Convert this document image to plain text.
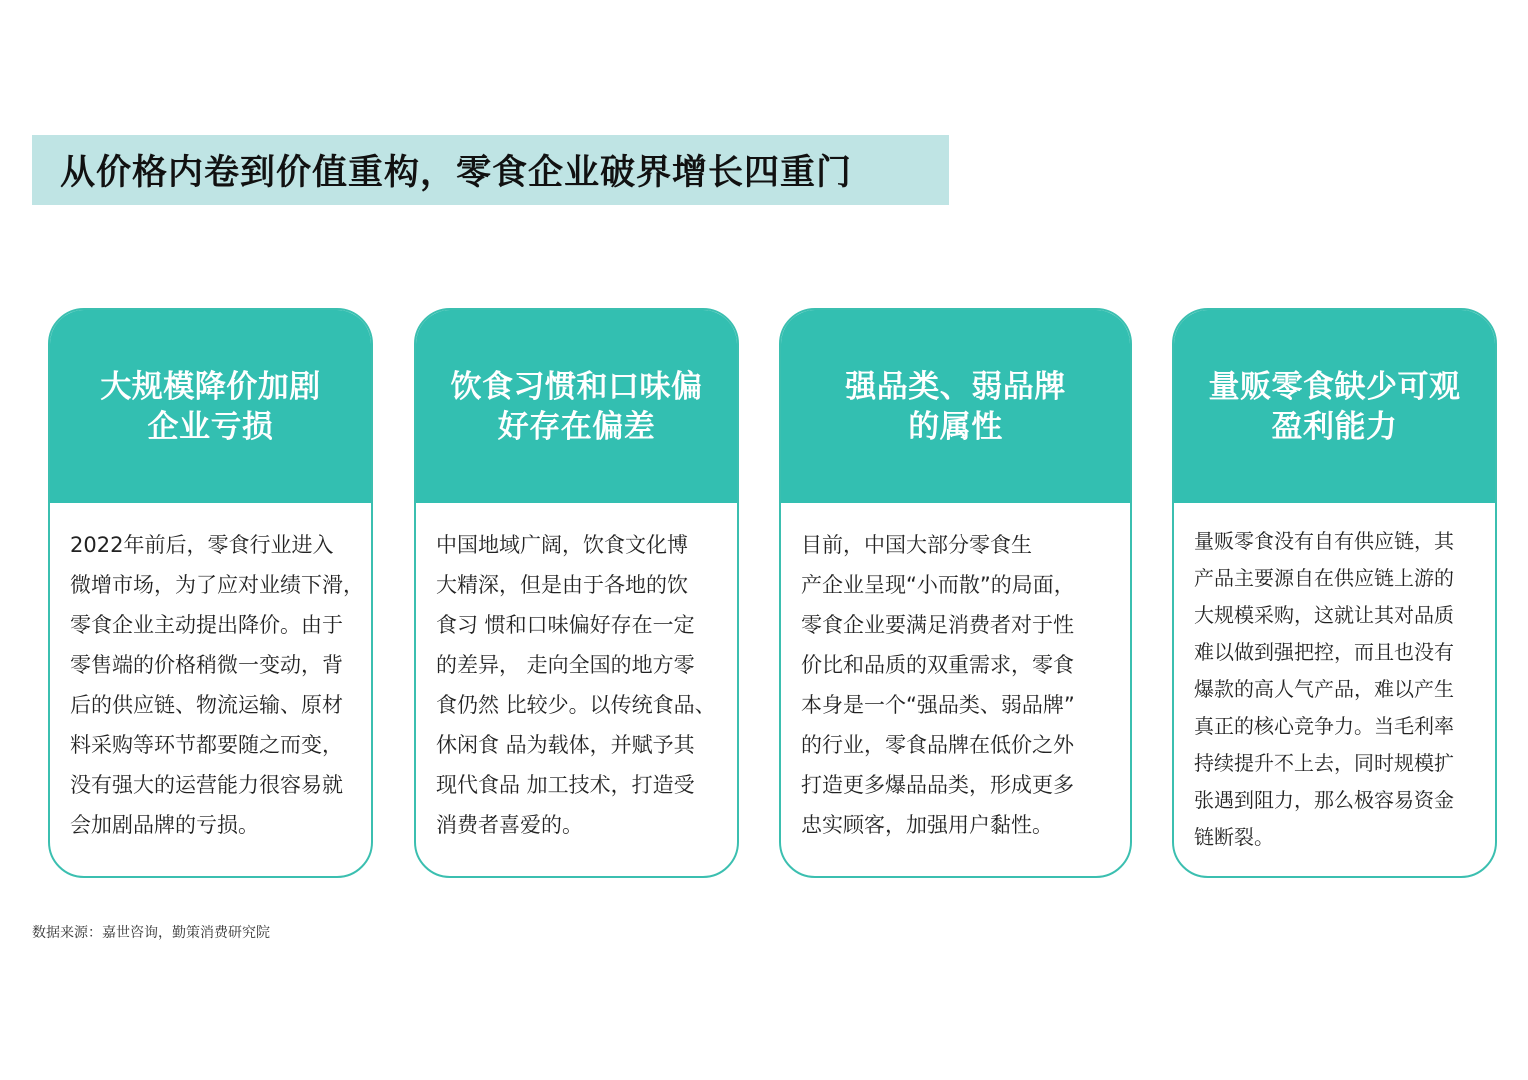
从价格内卷到价值重构，零食企业破界增长四重门
大规模降价加剧
企业亏损

2022年前后，零食行业进入

微增市场，为了应对业绩下滑，

零食企业主动提出降价。由于

零售端的价格稍微一变动，背

后的供应链、物流运输、原材

料采购等环节都要随之而变，

没有强大的运营能力很容易就

会加剧品牌的亏损。

饮食习惯和口味偏
好存在偏差

中国地域广阔，饮食文化博

大精深，但是由于各地的饮

食习 惯和口味偏好存在一定

的差异， 走向全国的地方零

食仍然 比较少。以传统食品、

休闲食 品为载体，并赋予其

现代食品 加工技术，打造受

消费者喜爱的。

强品类、弱品牌
的属性

目前，中国大部分零食生

产企业呈现“小而散”的局面，

零食企业要满足消费者对于性

价比和品质的双重需求，零食

本身是一个“强品类、弱品牌”

的行业，零食品牌在低价之外

打造更多爆品品类，形成更多

忠实顾客，加强用户黏性。

量贩零食缺少可观
盈利能力

量贩零食没有自有供应链，其

产品主要源自在供应链上游的

大规模采购，这就让其对品质

难以做到强把控，而且也没有

爆款的高人气产品，难以产生

真正的核心竞争力。当毛利率

持续提升不上去，同时规模扩

张遇到阻力，那么极容易资金

链断裂。

数据来源：嘉世咨询，勤策消费研究院
